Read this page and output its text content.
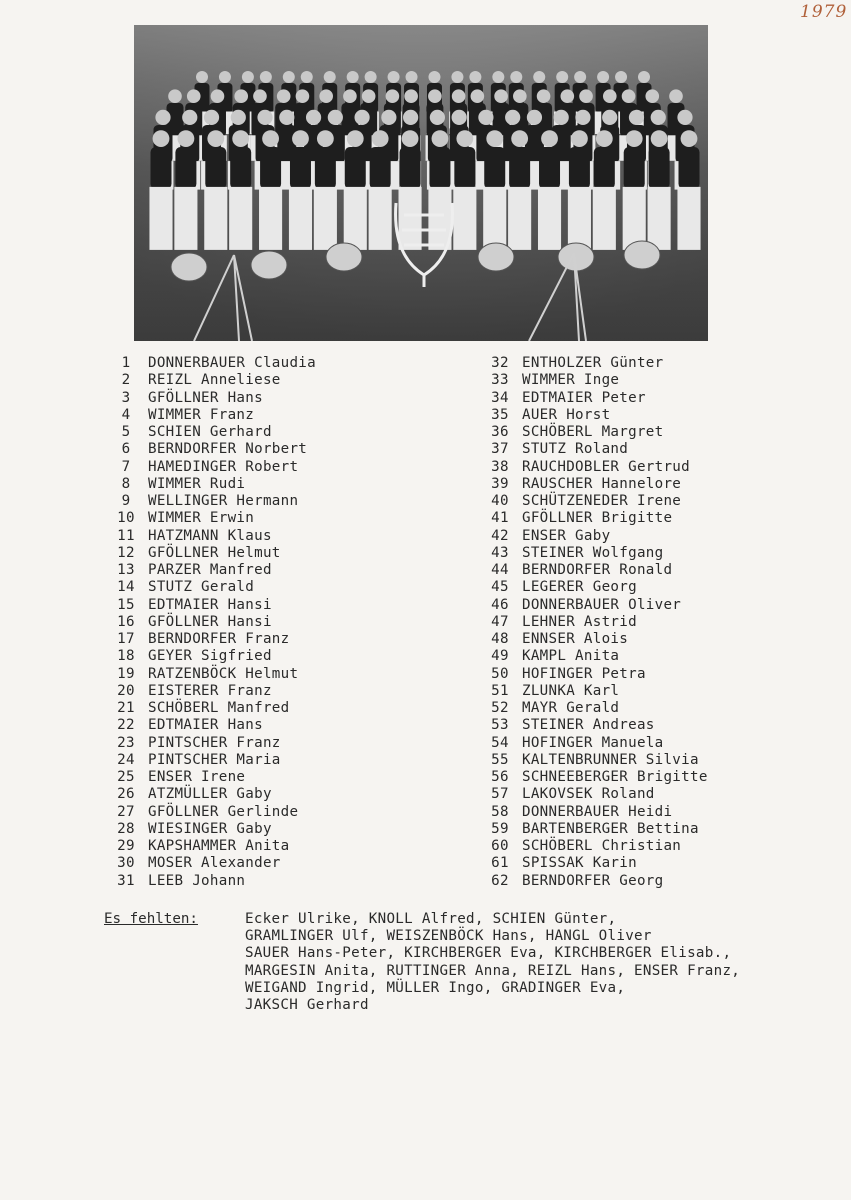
1979
1	DONNERBAUER Claudia
2	REIZL Anneliese
3	GFÖLLNER Hans
4	WIMMER Franz
5	SCHIEN Gerhard
6	BERNDORFER Norbert
7	HAMEDINGER Robert
8	WIMMER Rudi
9	WELLINGER Hermann
10 WIMMER Erwin
11 HATZMANN Klaus
12 GFÖLLNER Helmut
13 PARZER Manfred
14 STUTZ Gerald
15 EDTMAIER Hansi
16 GFÖLLNER Hansi
17 BERNDORFER Franz
18 GEYER Sigfried
19 RATZENBÖCK Helmut
20 EISTERER Franz
21 SCHÖBERL Manfred
22 EDTMAIER Hans
23 PINTSCHER Franz
24 PINTSCHER Maria
25 ENSER Irene
26 ATZMÜLLER Gaby
27 GFÖLLNER Gerlinde
28 WIESINGER Gaby
29 KAPSHAMMER Anita
30 MOSER Alexander
31 LEEB Johann
32 ENTHOLZER Günter
33 WIMMER Inge
34 EDTMAIER Peter
35 AUER Horst
36 SCHÖBERL Margret
37 STUTZ Roland
38 RAUCHDOBLER Gertrud
39 RAUSCHER Hannelore
40 SCHÜTZENEDER Irene
41 GFÖLLNER Brigitte
42 ENSER Gaby
43 STEINER Wolfgang
44 BERNDORFER Ronald
45 LEGERER Georg
46 DONNERBAUER Oliver
47 LEHNER Astrid
48 ENNSER Alois
49 KAMPL Anita
50 HOFINGER Petra
51 ZLUNKA Karl
52 MAYR Gerald
53 STEINER Andreas
54 HOFINGER Manuela
55 KALTENBRUNNER Silvia
56 SCHNEEBERGER Brigitte
57 LAKOVSEK Roland
58 DONNERBAUER Heidi
59 BARTENBERGER Bettina
60 SCHÖBERL Christian
61 SPISSAK Karin
62 BERNDORFER Georg
Es fehlten:	Ecker Ulrike, KNOLL Alfred, SCHIEN Günter,
GRAMLINGER Ulf, WEISZENBÖCK Hans, HANGL Oliver
SAUER Hans-Peter, KIRCHBERGER Eva, KIRCHBERGER Elisab.,
MARGESIN Anita, RUTTINGER Anna, REIZL Hans, ENSER Franz,
WEIGAND Ingrid, MÜLLER Ingo, GRADINGER Eva,
JAKSCH Gerhard
